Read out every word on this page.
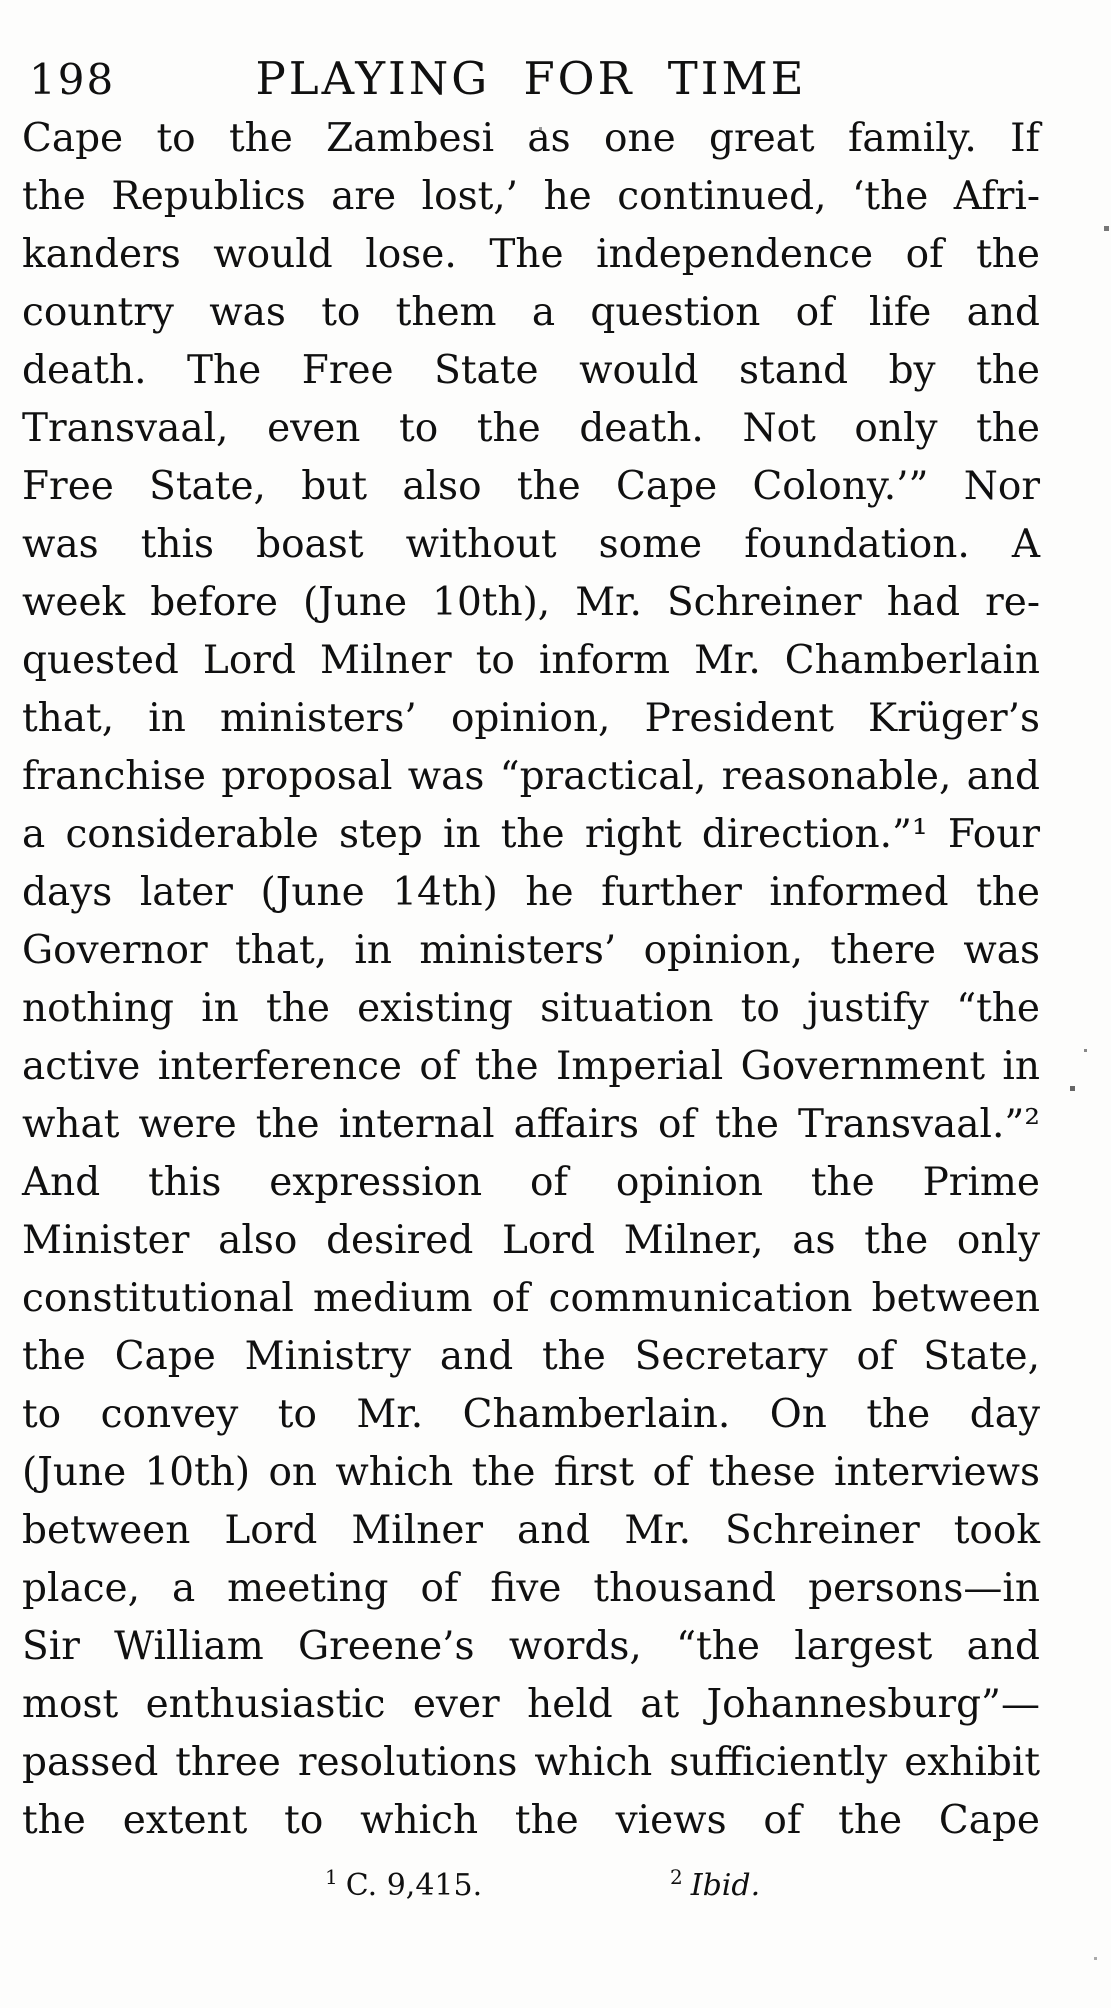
198	PLAYING FOR TIME
Cape to the Zambesi as one great family. If
the Republics are lost,’ he continued, ‘the Afri-
kanders would lose. The independence of the
country was to them a question of life and
death. The Free State would stand by the
Transvaal, even to the death. Not only the
Free State, but also the Cape Colony.’” Nor
was this boast without some foundation. A
week before (June 10th), Mr. Schreiner had re-
quested Lord Milner to inform Mr. Chamberlain
that, in ministers’ opinion, President Krüger’s
franchise proposal was “practical, reasonable, and
a considerable step in the right direction.”¹ Four
days later (June 14th) he further informed the
Governor that, in ministers’ opinion, there was
nothing in the existing situation to justify “the
active interference of the Imperial Government in
what were the internal affairs of the Transvaal.”²
And this expression of opinion the Prime
Minister also desired Lord Milner, as the only
constitutional medium of communication between
the Cape Ministry and the Secretary of State,
to convey to Mr. Chamberlain. On the day
(June 10th) on which the first of these interviews
between Lord Milner and Mr. Schreiner took
place, a meeting of five thousand persons—in
Sir William Greene’s words, “the largest and
most enthusiastic ever held at Johannesburg”—
passed three resolutions which sufficiently exhibit
the extent to which the views of the Cape
$^1$ C. 9,415.	$^2$ Ibid.
